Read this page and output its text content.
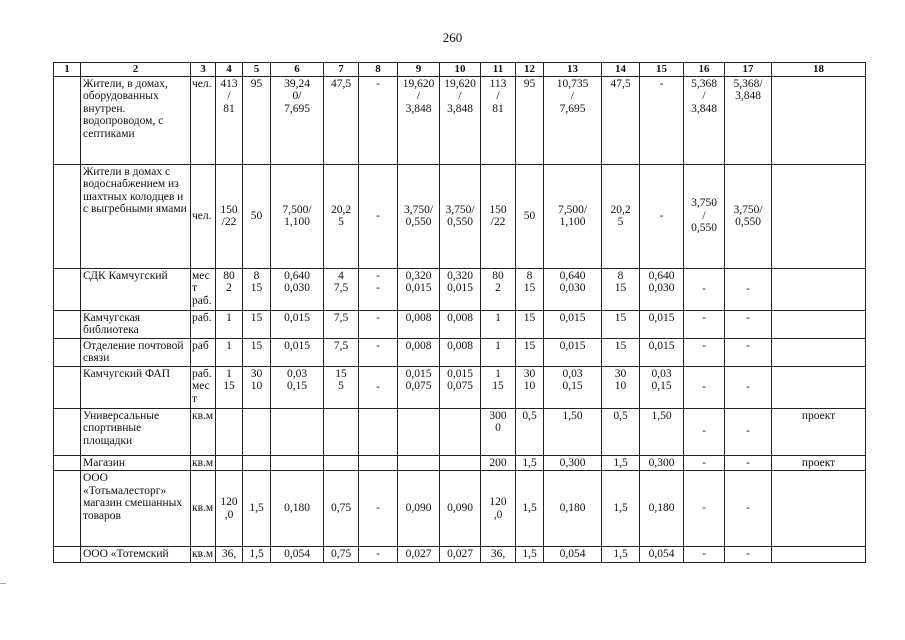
260
1	2	3	4	5	6	7	8	9	10	11	12	13	14	15	16	17	18
	Жители, в домах, оборудованных внутрен. водопроводом, с септиками	чел.	413
/
81	95	39,24
0/
7,695	47,5	-	19,620
/
3,848	19,620
/
3,848	113
/
81	95	10,735
/
7,695	47,5	-	5,368
/
3,848	5,368/
3,848	
	Жители в домах с водоснабжением из шахтных колодцев и с выгребными ямами	чел.	150
/22	50	7,500/
1,100	20,2
5	-	3,750/
0,550	3,750/
0,550	150
/22	50	7,500/
1,100	20,2
5	-	3,750
/
0,550	3,750/
0,550	
	СДК Камчугский	мес
т
раб.	80
2	8
15	0,640
0,030	4
7,5	-
-	0,320
0,015	0,320
0,015	80
2	8
15	0,640
0,030	8
15	0,640
0,030	-	-	
	Камчугская библиотека	раб.	1	15	0,015	7,5	-	0,008	0,008	1	15	0,015	15	0,015	-	-	
	Отделение почтовой связи	раб	1	15	0,015	7,5	-	0,008	0,008	1	15	0,015	15	0,015	-	-	
	Камчугский ФАП	раб.
мес
т	1
15	30
10	0,03
0,15	15
5	-	0,015
0,075	0,015
0,075	1
15	30
10	0,03
0,15	30
10	0,03
0,15	-	-	
	Универсальные спортивные площадки	кв.м								300
0	0,5	1,50	0,5	1,50	-	-	проект
	Магазин	кв.м								200	1,5	0,300	1,5	0,300	-	-	проект
	ООО «Тотьмалесторг» магазин смешанных товаров	кв.м	120
,0	1,5	0,180	0,75	-	0,090	0,090	120
,0	1,5	0,180	1,5	0,180	-	-	
	ООО «Тотемский	кв.м	36,	1,5	0,054	0,75	-	0,027	0,027	36,	1,5	0,054	1,5	0,054	-	-	
